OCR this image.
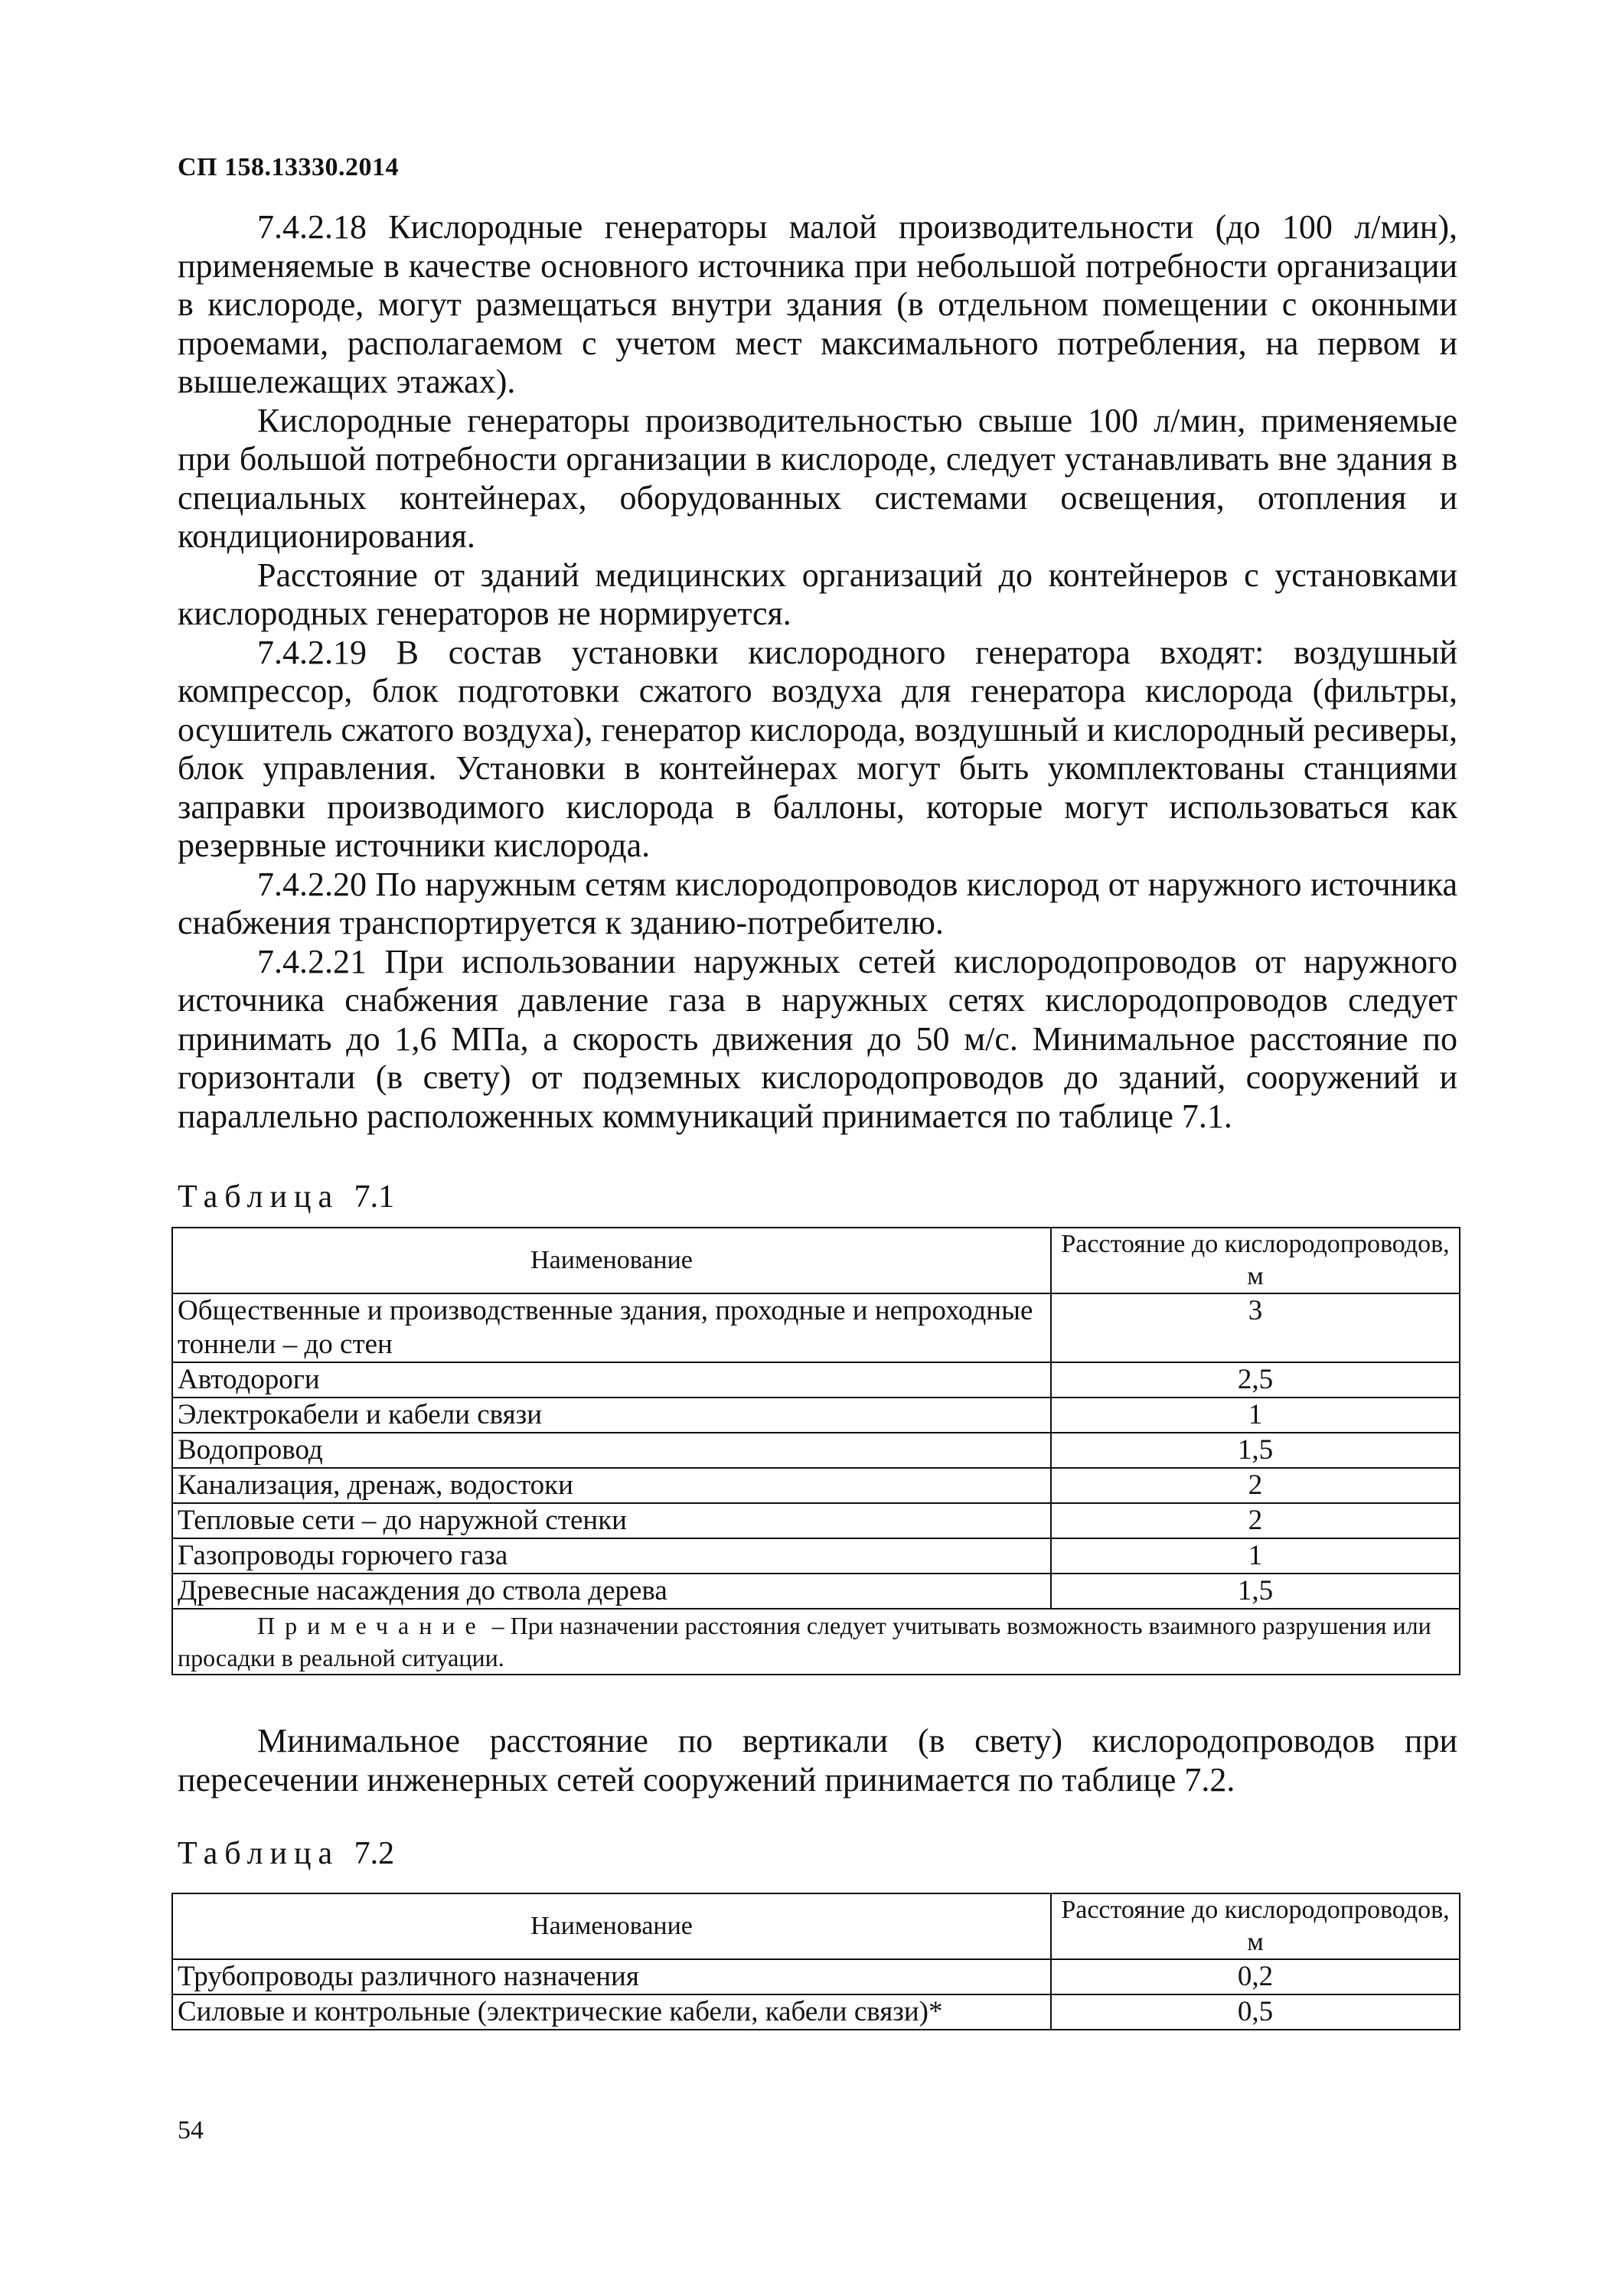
СП 158.13330.2014

7.4.2.18 Кислородные генераторы малой производительности (до 100 л/мин), применяемые в качестве основного источника при небольшой потребности организации в кислороде, могут размещаться внутри здания (в отдельном помещении с оконными проемами, располагаемом с учетом мест максимального потребления, на первом и вышележащих этажах).

Кислородные генераторы производительностью свыше 100 л/мин, применяемые при большой потребности организации в кислороде, следует устанавливать вне здания в специальных контейнерах, оборудованных системами освещения, отопления и кондиционирования.

Расстояние от зданий медицинских организаций до контейнеров с установками кислородных генераторов не нормируется.

7.4.2.19 В состав установки кислородного генератора входят: воздушный компрессор, блок подготовки сжатого воздуха для генератора кислорода (фильтры, осушитель сжатого воздуха), генератор кислорода, воздушный и кислородный ресиверы, блок управления. Установки в контейнерах могут быть укомплектованы станциями заправки производимого кислорода в баллоны, которые могут использоваться как резервные источники кислорода.

7.4.2.20 По наружным сетям кислородопроводов кислород от наружного источника снабжения транспортируется к зданию-потребителю.

7.4.2.21 При использовании наружных сетей кислородопроводов от наружного источника снабжения давление газа в наружных сетях кислородопроводов следует принимать до 1,6 МПа, а скорость движения до 50 м/с. Минимальное расстояние по горизонтали (в свету) от подземных кислородопроводов до зданий, сооружений и параллельно расположенных коммуникаций принимается по таблице 7.1.

Таблица 7.1
Наименование	Расстояние до кислородопроводов, м
Общественные и производственные здания, проходные и непроходные тоннели – до стен	3
Автодороги	2,5
Электрокабели и кабели связи	1
Водопровод	1,5
Канализация, дренаж, водостоки	2
Тепловые сети – до наружной стенки	2
Газопроводы горючего газа	1
Древесные насаждения до ствола дерева	1,5
Примечание – При назначении расстояния следует учитывать возможность взаимного разрушения или просадки в реальной ситуации.	

Минимальное расстояние по вертикали (в свету) кислородопроводов при пересечении инженерных сетей сооружений принимается по таблице 7.2.

Таблица 7.2
Наименование	Расстояние до кислородопроводов, м
Трубопроводы различного назначения	0,2
Силовые и контрольные (электрические кабели, кабели связи)*	0,5
54
